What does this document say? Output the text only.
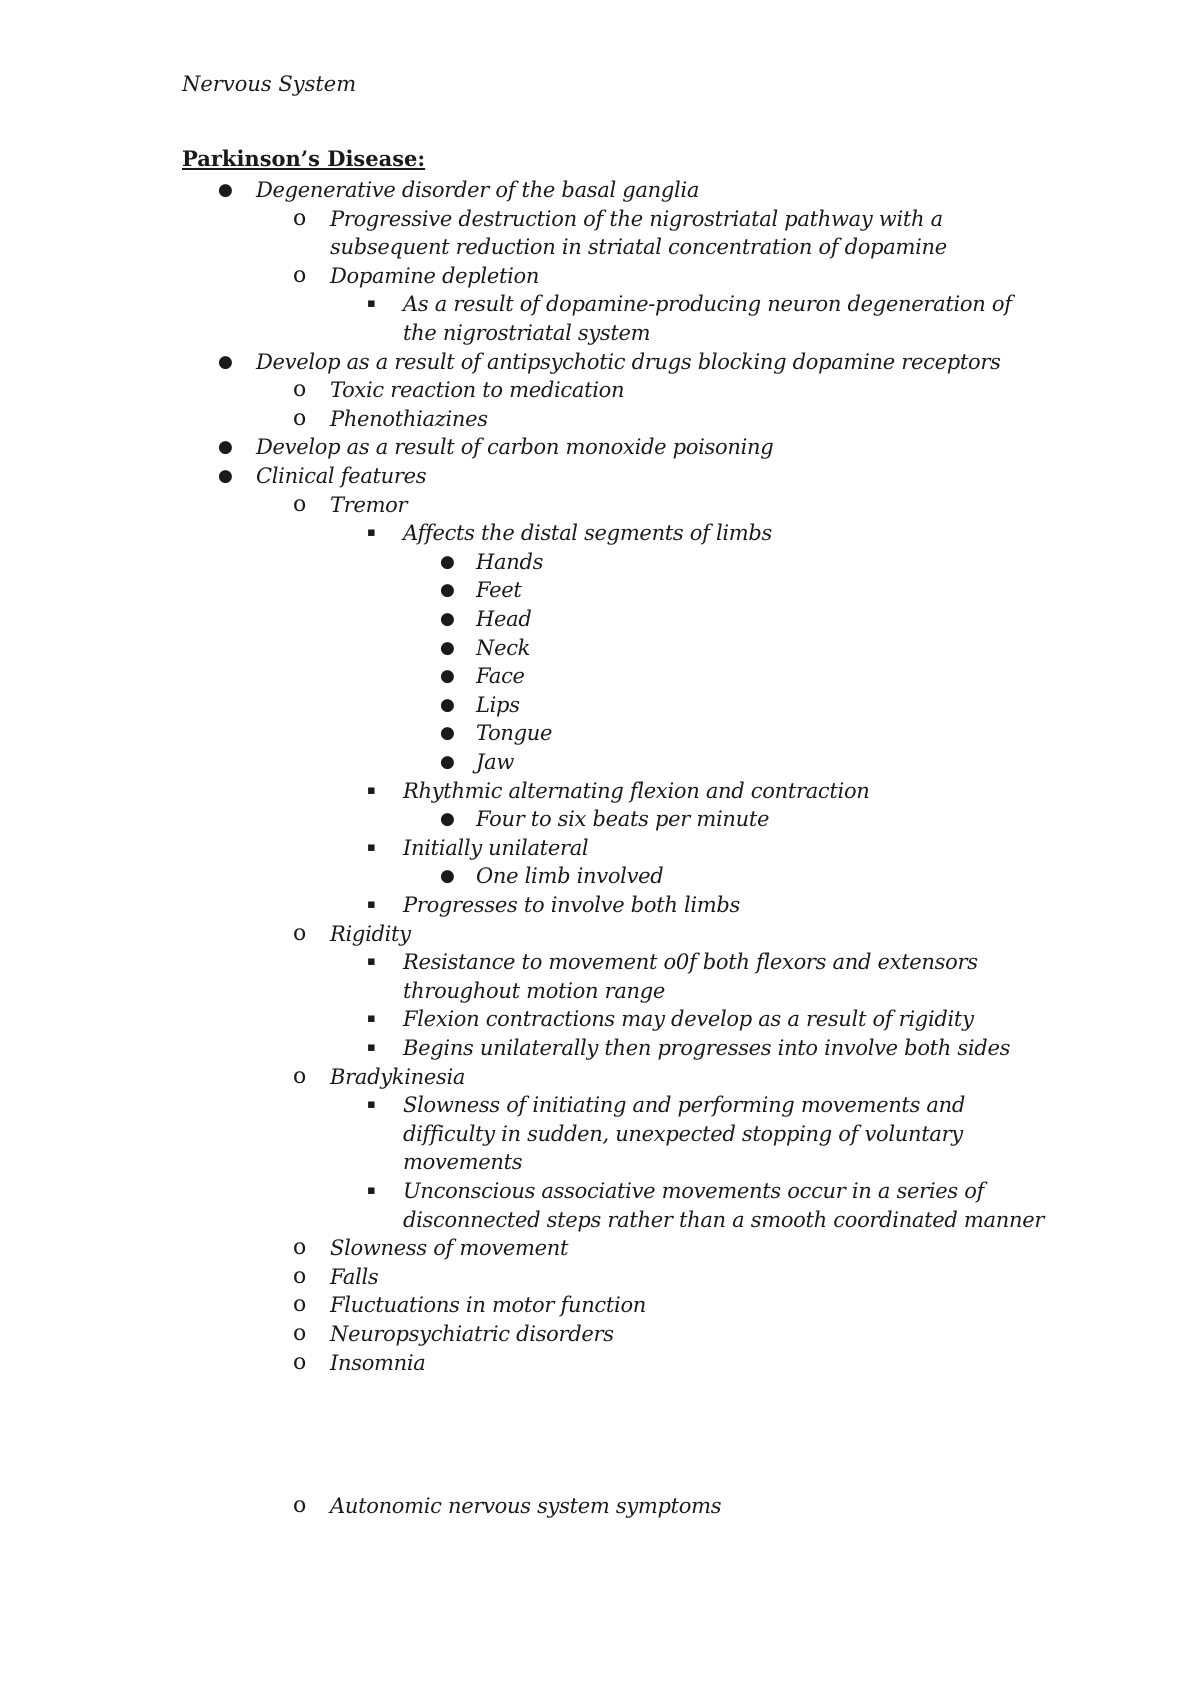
Nervous System
Parkinson’s Disease:
● Degenerative disorder of the basal ganglia
o Progressive destruction of the nigrostriatal pathway with a
subsequent reduction in striatal concentration of dopamine
o Dopamine depletion
▪ As a result of dopamine-producing neuron degeneration of
the nigrostriatal system
● Develop as a result of antipsychotic drugs blocking dopamine receptors
o Toxic reaction to medication
o Phenothiazines
● Develop as a result of carbon monoxide poisoning
● Clinical features
o Tremor
▪ Affects the distal segments of limbs
● Hands
● Feet
● Head
● Neck
● Face
● Lips
● Tongue
● Jaw
▪ Rhythmic alternating flexion and contraction
● Four to six beats per minute
▪ Initially unilateral
● One limb involved
▪ Progresses to involve both limbs
o Rigidity
▪ Resistance to movement o0f both flexors and extensors
throughout motion range
▪ Flexion contractions may develop as a result of rigidity
▪ Begins unilaterally then progresses into involve both sides
o Bradykinesia
▪ Slowness of initiating and performing movements and
difficulty in sudden, unexpected stopping of voluntary
movements
▪ Unconscious associative movements occur in a series of
disconnected steps rather than a smooth coordinated manner
o Slowness of movement
o Falls
o Fluctuations in motor function
o Neuropsychiatric disorders
o Insomnia
o Autonomic nervous system symptoms
